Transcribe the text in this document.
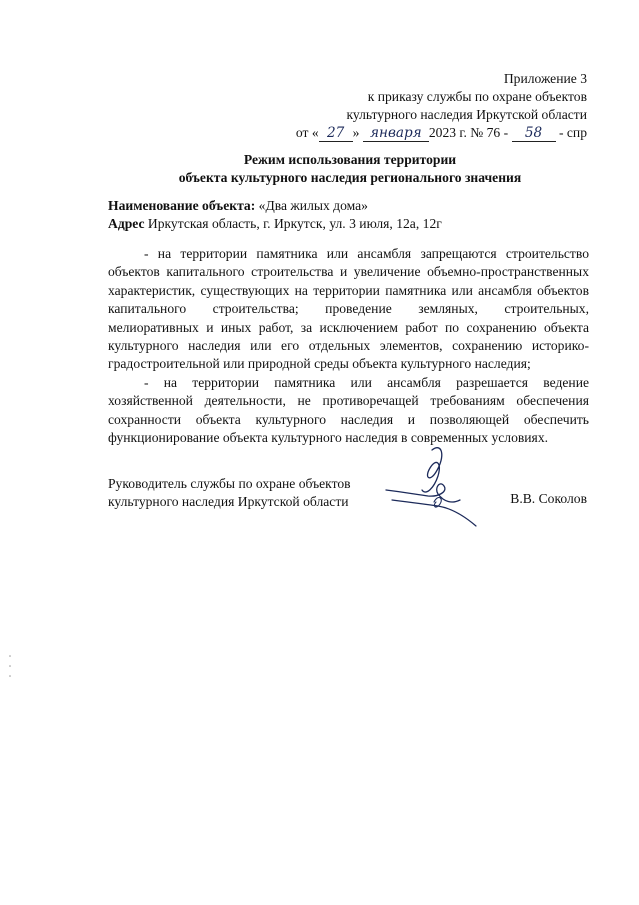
Приложение 3
к приказу службы по охране объектов
культурного наследия Иркутской области
от « 27 » января 2023 г. № 76 - 58 - спр
Режим использования территории
объекта культурного наследия регионального значения
Наименование объекта: «Два жилых дома»
Адрес Иркутская область, г. Иркутск, ул. 3 июля, 12а, 12г

- на территории памятника или ансамбля запрещаются строительство объектов капитального строительства и увеличение объемно-пространственных характеристик, существующих на территории памятника или ансамбля объектов капитального строительства; проведение земляных, строительных, мелиоративных и иных работ, за исключением работ по сохранению объекта культурного наследия или его отдельных элементов, сохранению историко-градостроительной или природной среды объекта культурного наследия;

- на территории памятника или ансамбля разрешается ведение хозяйственной деятельности, не противоречащей требованиям обеспечения сохранности объекта культурного наследия и позволяющей обеспечить функционирование объекта культурного наследия в современных условиях.

Руководитель службы по охране объектов
культурного наследия Иркутской области	В.В. Соколов
